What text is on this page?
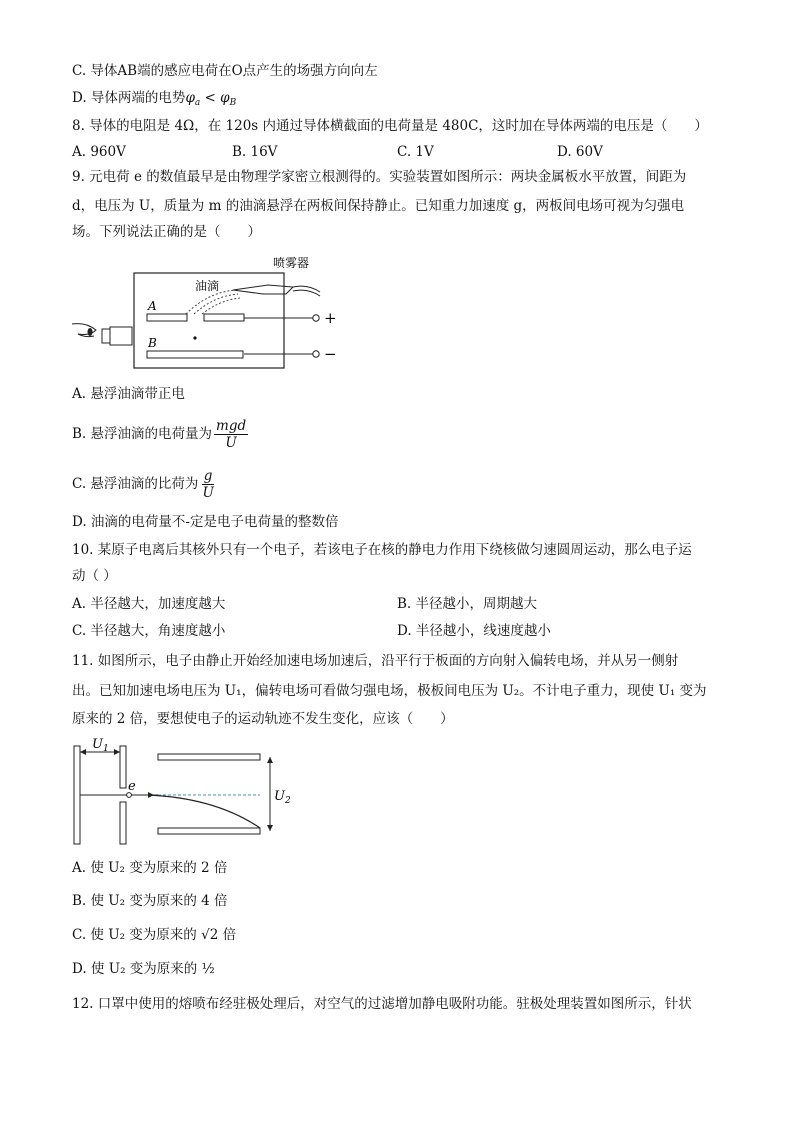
C. 导体AB端的感应电荷在O点产生的场强方向向左
D. 导体两端的电势$\varphi_a < \varphi_B$
8. 导体的电阻是 4Ω，在 120s 内通过导体横截面的电荷量是 480C，这时加在导体两端的电压是（　　）
A. 960V	B. 16V	C. 1V	D. 60V
9. 元电荷 e 的数值最早是由物理学家密立根测得的。实验装置如图所示：两块金属板水平放置，间距为
d，电压为 U，质量为 m 的油滴悬浮在两板间保持静止。已知重力加速度 g，两板间电场可视为匀强电
场。下列说法正确的是（　　）
喷雾器
油滴
A
B
+
−
A. 悬浮油滴带正电
B. 悬浮油滴的电荷量为 $\frac{\text{mgd}}{U}$
C. 悬浮油滴的比荷为 $\frac{g}{U}$
D. 油滴的电荷量不-定是电子电荷量的整数倍
10. 某原子电离后其核外只有一个电子，若该电子在核的静电力作用下绕核做匀速圆周运动，那么电子运
动（ ）
A. 半径越大，加速度越大	B. 半径越小，周期越大
C. 半径越大，角速度越小	D. 半径越小，线速度越小
11. 如图所示，电子由静止开始经加速电场加速后，沿平行于板面的方向射入偏转电场，并从另一侧射
出。已知加速电场电压为 U₁，偏转电场可看做匀强电场，极板间电压为 U₂。不计电子重力，现使 U₁ 变为
原来的 2 倍，要想使电子的运动轨迹不发生变化，应该（　　）
$U_1$
e
$U_2$
A. 使 U₂ 变为原来的 2 倍
B. 使 U₂ 变为原来的 4 倍
C. 使 U₂ 变为原来的 √2 倍
D. 使 U₂ 变为原来的 ½
12. 口罩中使用的熔喷布经驻极处理后，对空气的过滤增加静电吸附功能。驻极处理装置如图所示，针状
